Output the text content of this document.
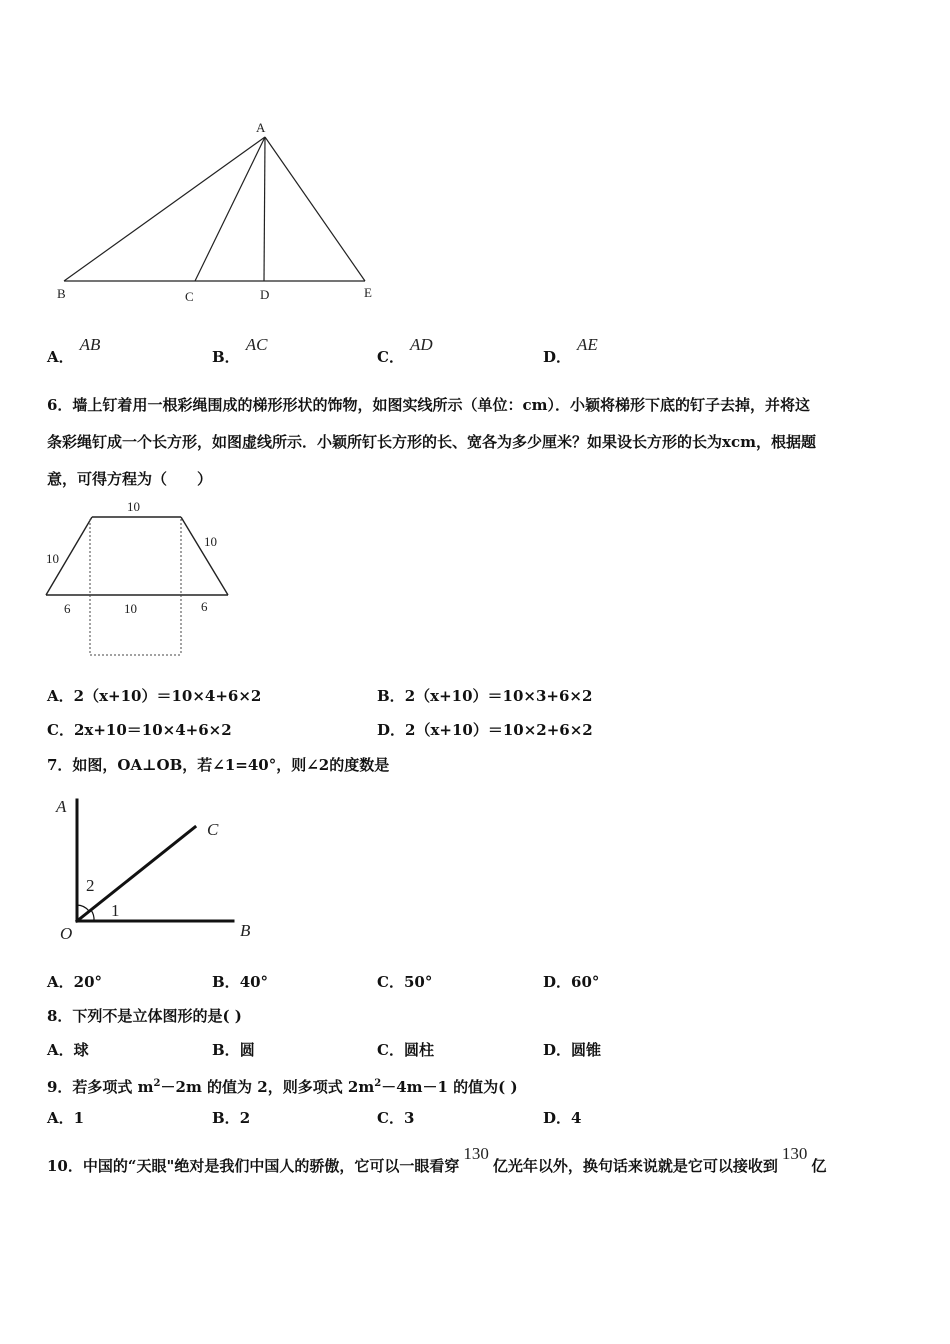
A
B	C	D	E
A．AB
B．AC
C．AD
D．AE
6．墙上钉着用一根彩绳围成的梯形形状的饰物，如图实线所示（单位：cm）．小颖将梯形下底的钉子去掉，并将这
条彩绳钉成一个长方形，如图虚线所示．小颖所钉长方形的长、宽各为多少厘米？如果设长方形的长为xcm，根据题
意，可得方程为（　　）
10
10
10
6	10	6
A．2（x+10）＝10×4+6×2	B．2（x+10）＝10×3+6×2
C．2x+10＝10×4+6×2	D．2（x+10）＝10×2+6×2
7．如图，OA⊥OB，若∠1=40°，则∠2的度数是
A
C
O	B
2
1
A．20°	B．40°	C．50°	D．60°
8．下列不是立体图形的是( )
A．球	B．圆	C．圆柱	D．圆锥
9．若多项式 $m^2-2m$ 的值为 2，则多项式 $2m^2-4m-1$ 的值为( )
A．1	B．2	C．3	D．4
10．中国的“天眼"绝对是我们中国人的骄傲，它可以一眼看穿130亿光年以外，换句话来说就是它可以接收到130亿
